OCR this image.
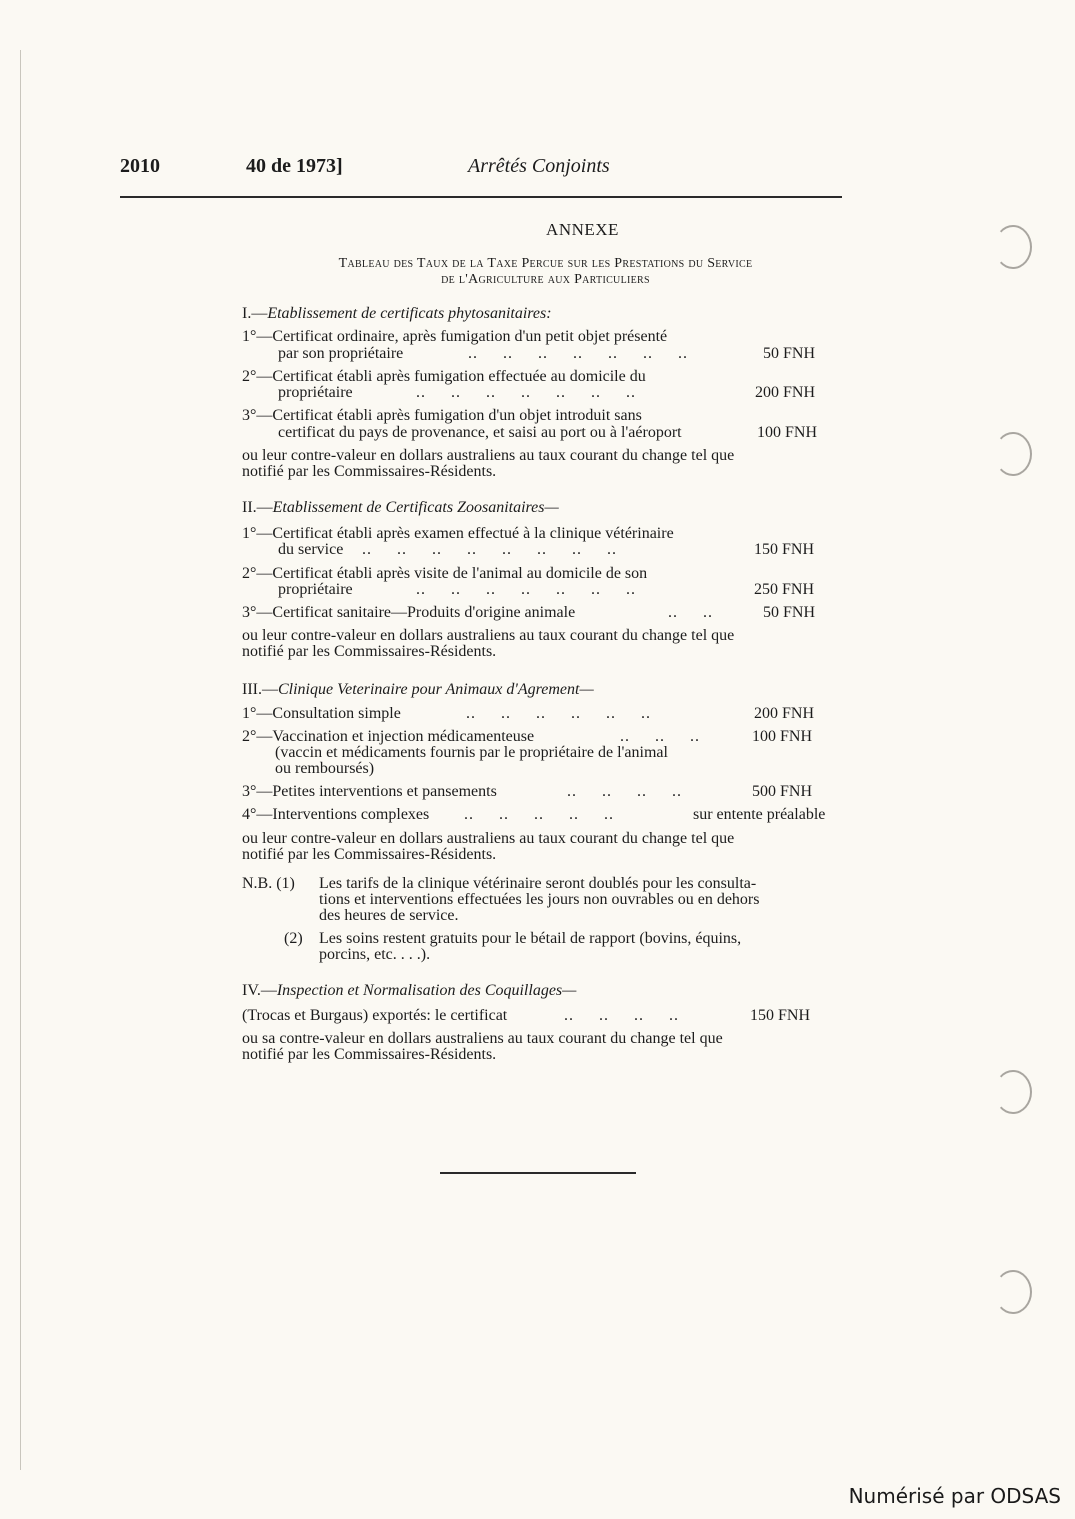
2010	40 de 1973]	Arrêtés Conjoints
ANNEXE
Tableau des Taux de la Taxe Percue sur les Prestations du Service
de l'Agriculture aux Particuliers
I.—Etablissement de certificats phytosanitaires:
1°—Certificat ordinaire, après fumigation d'un petit objet présenté
par son propriétaire	..     ..     ..     ..     ..     ..     ..	50 FNH
2°—Certificat établi après fumigation effectuée au domicile du
propriétaire	..     ..     ..     ..     ..     ..     ..	200 FNH
3°—Certificat établi après fumigation d'un objet introduit sans
certificat du pays de provenance, et saisi au port ou à l'aéroport	100 FNH
ou leur contre-valeur en dollars australiens au taux courant du change tel que
notifié par les Commissaires-Résidents.
II.—Etablissement de Certificats Zoosanitaires—
1°—Certificat établi après examen effectué à la clinique vétérinaire
du service ..     ..     ..     ..     ..     ..     ..     ..	150 FNH
2°—Certificat établi après visite de l'animal au domicile de son
propriétaire	..     ..     ..     ..     ..     ..     ..	250 FNH
3°—Certificat sanitaire—Produits d'origine animale	..     ..	50 FNH
ou leur contre-valeur en dollars australiens au taux courant du change tel que
notifié par les Commissaires-Résidents.
III.—Clinique Veterinaire pour Animaux d'Agrement—
1°—Consultation simple	..     ..     ..     ..     ..     ..	200 FNH
2°—Vaccination et injection médicamenteuse	..     ..     ..	100 FNH
(vaccin et médicaments fournis par le propriétaire de l'animal
ou remboursés)
3°—Petites interventions et pansements	..     ..     ..     ..	500 FNH
4°—Interventions complexes ..     ..     ..     ..     ..	sur entente préalable
ou leur contre-valeur en dollars australiens au taux courant du change tel que
notifié par les Commissaires-Résidents.
N.B. (1) Les tarifs de la clinique vétérinaire seront doublés pour les consulta-
tions et interventions effectuées les jours non ouvrables ou en dehors
des heures de service.
(2) Les soins restent gratuits pour le bétail de rapport (bovins, équins,
porcins, etc. . . .).
IV.—Inspection et Normalisation des Coquillages—
(Trocas et Burgaus) exportés: le certificat	..     ..     ..     ..	150 FNH
ou sa contre-valeur en dollars australiens au taux courant du change tel que
notifié par les Commissaires-Résidents.
Numérisé par ODSAS
